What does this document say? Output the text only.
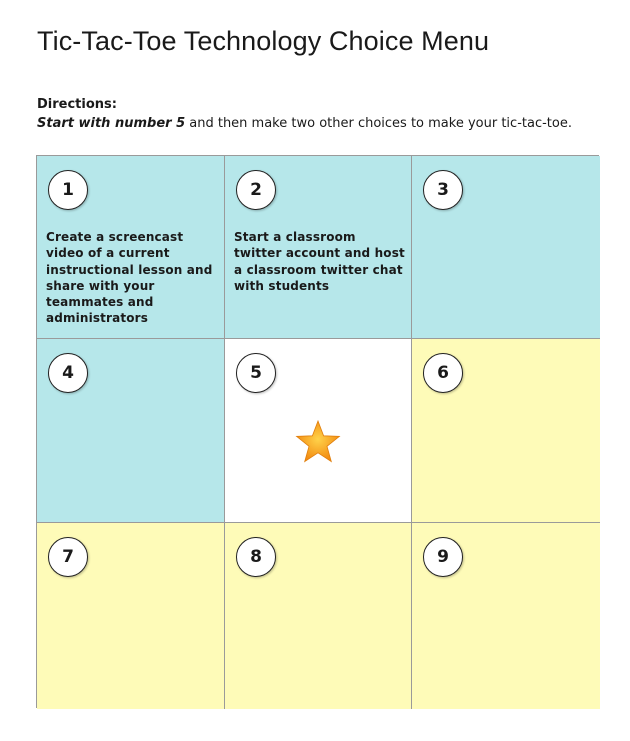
Tic-Tac-Toe Technology Choice Menu
Directions:
Start with number 5 and then make two other choices to make your tic-tac-toe.
1
Create a screencast video of a current instructional lesson and share with your teammates and administrators
2
Start a classroom twitter account and host a classroom twitter chat with students
3
4	5	6
7	8	9
